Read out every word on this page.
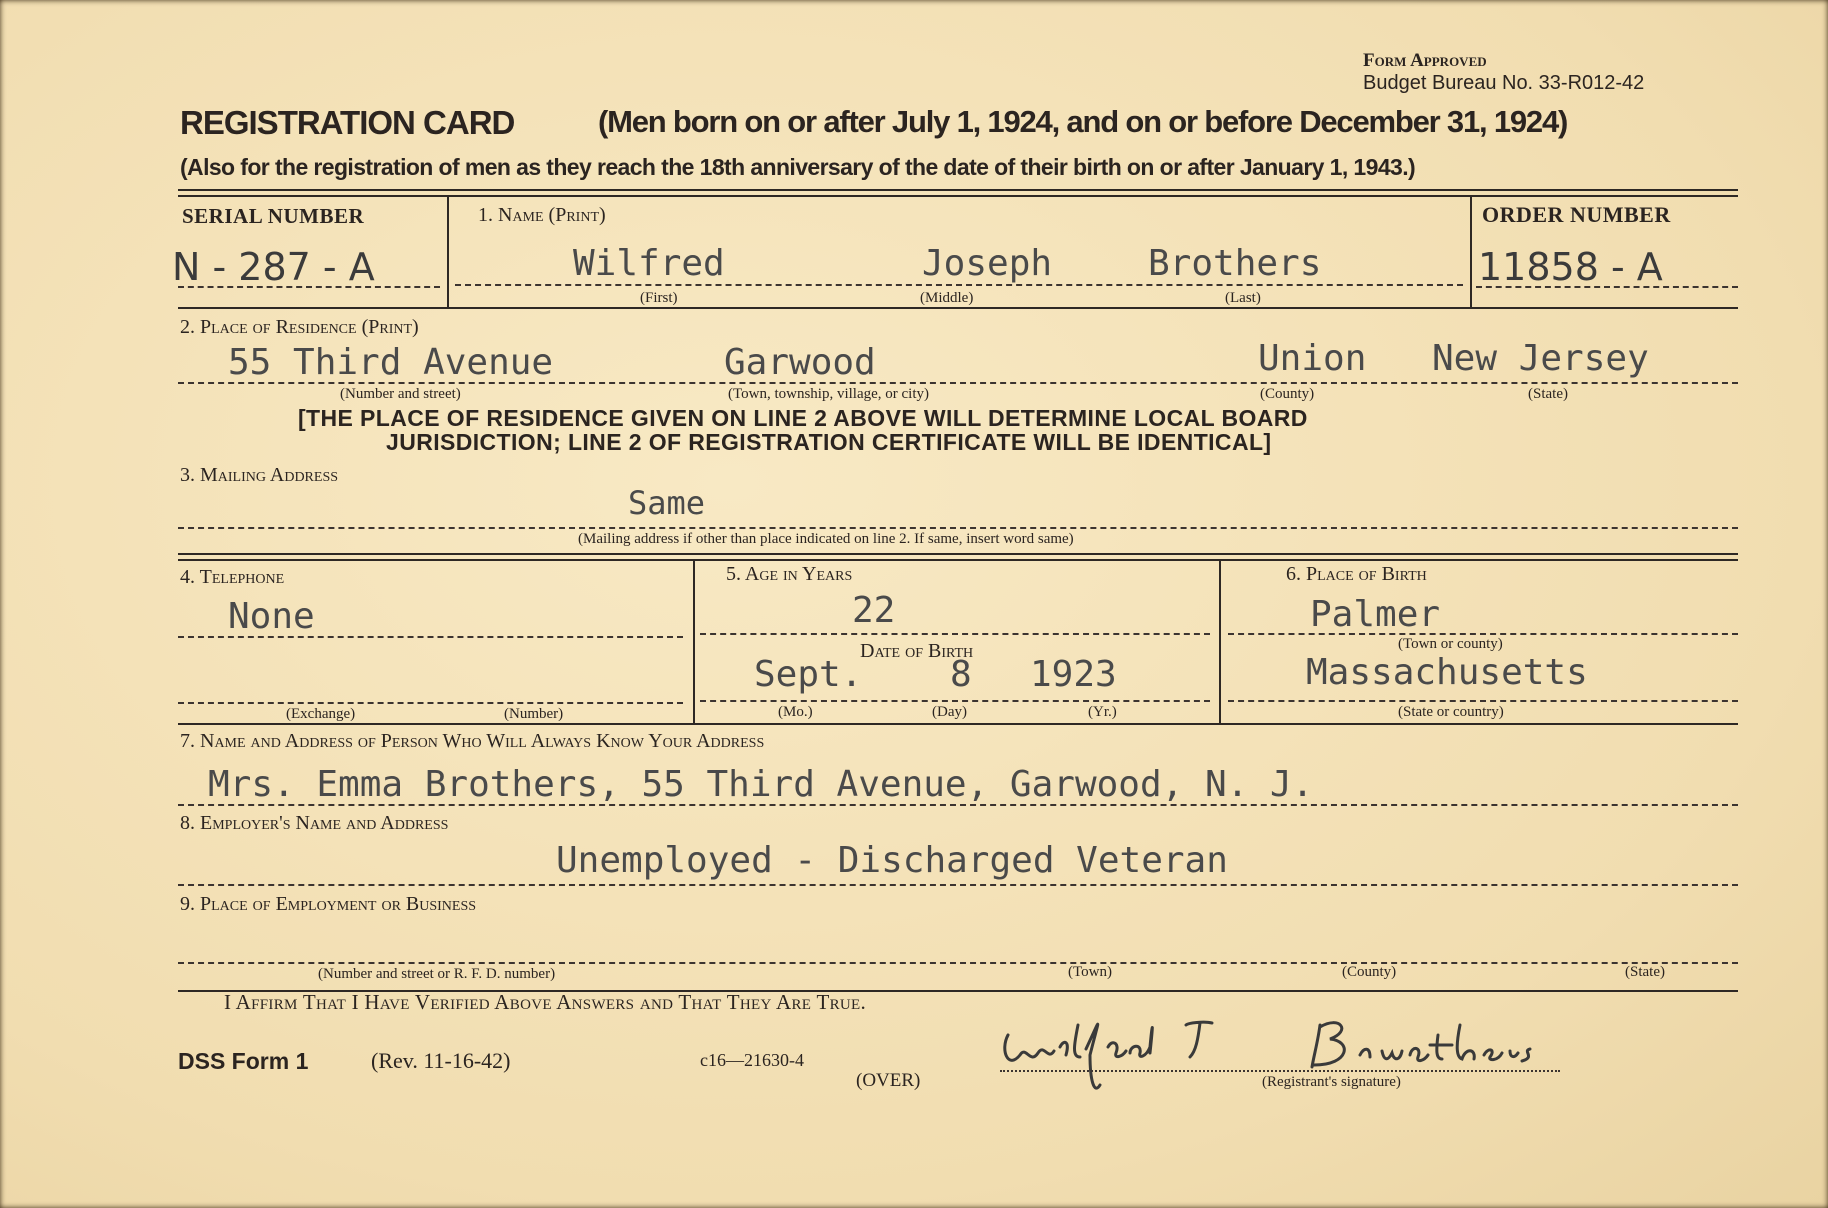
Form Approved
Budget Bureau No. 33-R012-42
REGISTRATION CARD	(Men born on or after July 1, 1924, and on or before December 31, 1924)
(Also for the registration of men as they reach the 18th anniversary of the date of their birth on or after January 1, 1943.)
SERIAL NUMBER
N - 287 - A
1. Name (Print)
Wilfred	Joseph	Brothers
(First)	(Middle)	(Last)
ORDER NUMBER
11858 - A
2. Place of Residence (Print)
55 Third Avenue	Garwood	Union New Jersey
(Number and street)	(Town, township, village, or city)	(County)	(State)
[THE PLACE OF RESIDENCE GIVEN ON LINE 2 ABOVE WILL DETERMINE LOCAL BOARD
JURISDICTION; LINE 2 OF REGISTRATION CERTIFICATE WILL BE IDENTICAL]
3. Mailing Address
Same
(Mailing address if other than place indicated on line 2. If same, insert word same)
4. Telephone
None
(Exchange)	(Number)
5. Age in Years
22
Date of Birth
Sept. 8 1923
(Mo.)	(Day)	(Yr.)
6. Place of Birth
Palmer
(Town or county)
Massachusetts
(State or country)
7. Name and Address of Person Who Will Always Know Your Address
Mrs. Emma Brothers, 55 Third Avenue, Garwood, N. J.
8. Employer's Name and Address
Unemployed - Discharged Veteran
9. Place of Employment or Business
(Number and street or R. F. D. number)	(Town)	(County)	(State)
I Affirm That I Have Verified Above Answers and That They Are True.
DSS Form 1	(Rev. 11-16-42)	c16—21630-4
(OVER)	(Registrant's signature)
